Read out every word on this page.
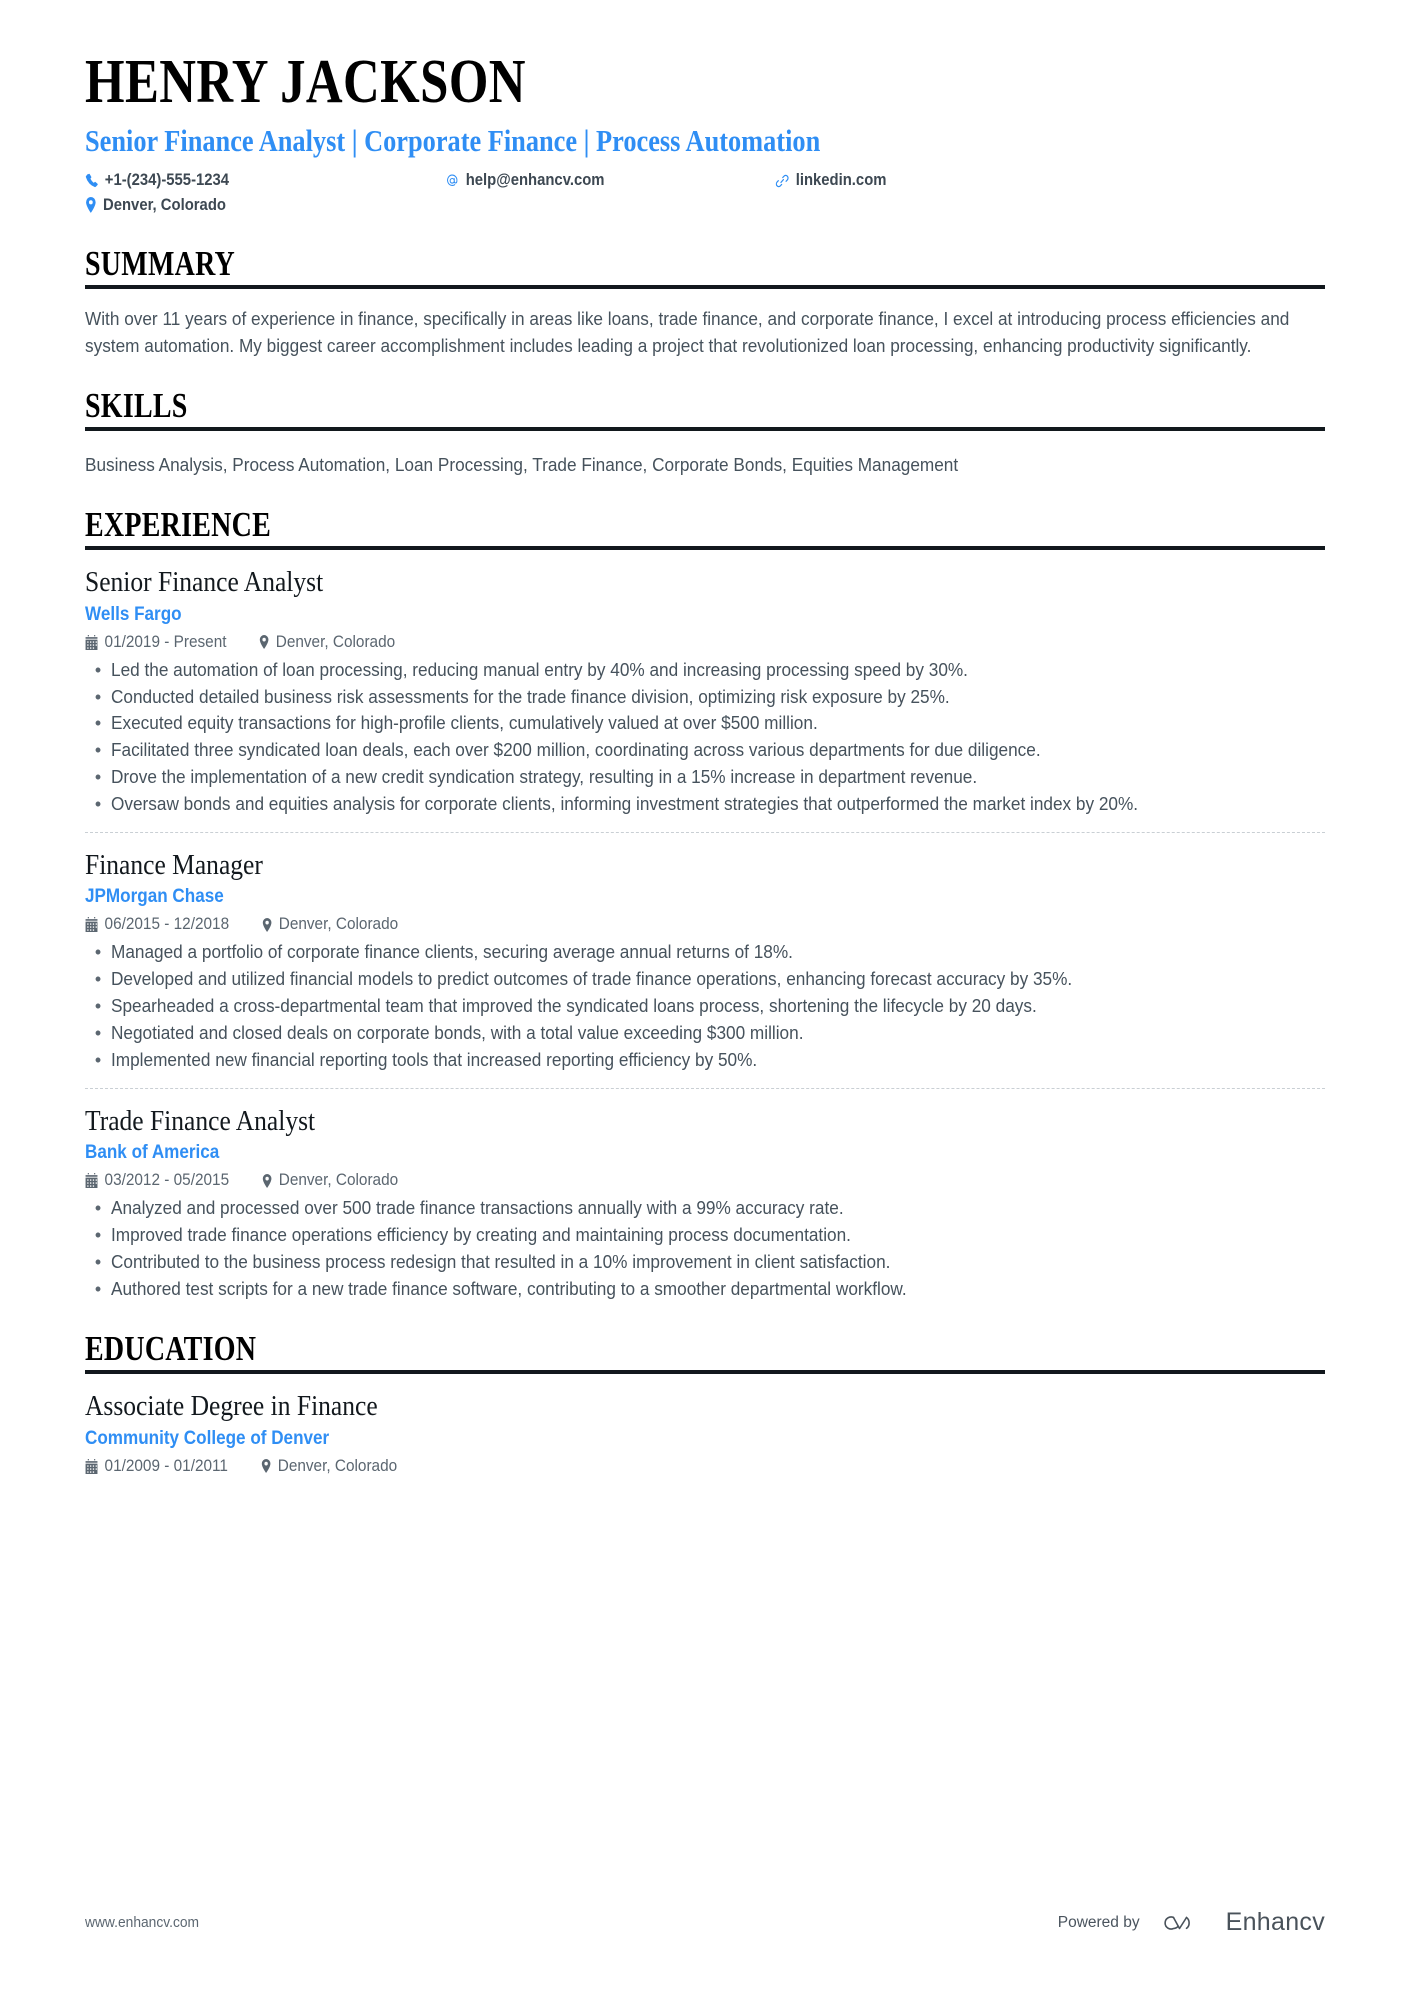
HENRY JACKSON
Senior Finance Analyst | Corporate Finance | Process Automation
+1-(234)-555-1234	help@enhancv.com	linkedin.com
Denver, Colorado
SUMMARY
With over 11 years of experience in finance, specifically in areas like loans, trade finance, and corporate finance, I excel at introducing process efficiencies and system automation. My biggest career accomplishment includes leading a project that revolutionized loan processing, enhancing productivity significantly.
SKILLS
Business Analysis, Process Automation, Loan Processing, Trade Finance, Corporate Bonds, Equities Management
EXPERIENCE
Senior Finance Analyst
Wells Fargo
01/2019 - Present	Denver, Colorado
• Led the automation of loan processing, reducing manual entry by 40% and increasing processing speed by 30%.
• Conducted detailed business risk assessments for the trade finance division, optimizing risk exposure by 25%.
• Executed equity transactions for high-profile clients, cumulatively valued at over $500 million.
• Facilitated three syndicated loan deals, each over $200 million, coordinating across various departments for due diligence.
• Drove the implementation of a new credit syndication strategy, resulting in a 15% increase in department revenue.
• Oversaw bonds and equities analysis for corporate clients, informing investment strategies that outperformed the market index by 20%.
Finance Manager
JPMorgan Chase
06/2015 - 12/2018	Denver, Colorado
• Managed a portfolio of corporate finance clients, securing average annual returns of 18%.
• Developed and utilized financial models to predict outcomes of trade finance operations, enhancing forecast accuracy by 35%.
• Spearheaded a cross-departmental team that improved the syndicated loans process, shortening the lifecycle by 20 days.
• Negotiated and closed deals on corporate bonds, with a total value exceeding $300 million.
• Implemented new financial reporting tools that increased reporting efficiency by 50%.
Trade Finance Analyst
Bank of America
03/2012 - 05/2015	Denver, Colorado
• Analyzed and processed over 500 trade finance transactions annually with a 99% accuracy rate.
• Improved trade finance operations efficiency by creating and maintaining process documentation.
• Contributed to the business process redesign that resulted in a 10% improvement in client satisfaction.
• Authored test scripts for a new trade finance software, contributing to a smoother departmental workflow.
EDUCATION
Associate Degree in Finance
Community College of Denver
01/2009 - 01/2011	Denver, Colorado
www.enhancv.com	Powered by	Enhancv
